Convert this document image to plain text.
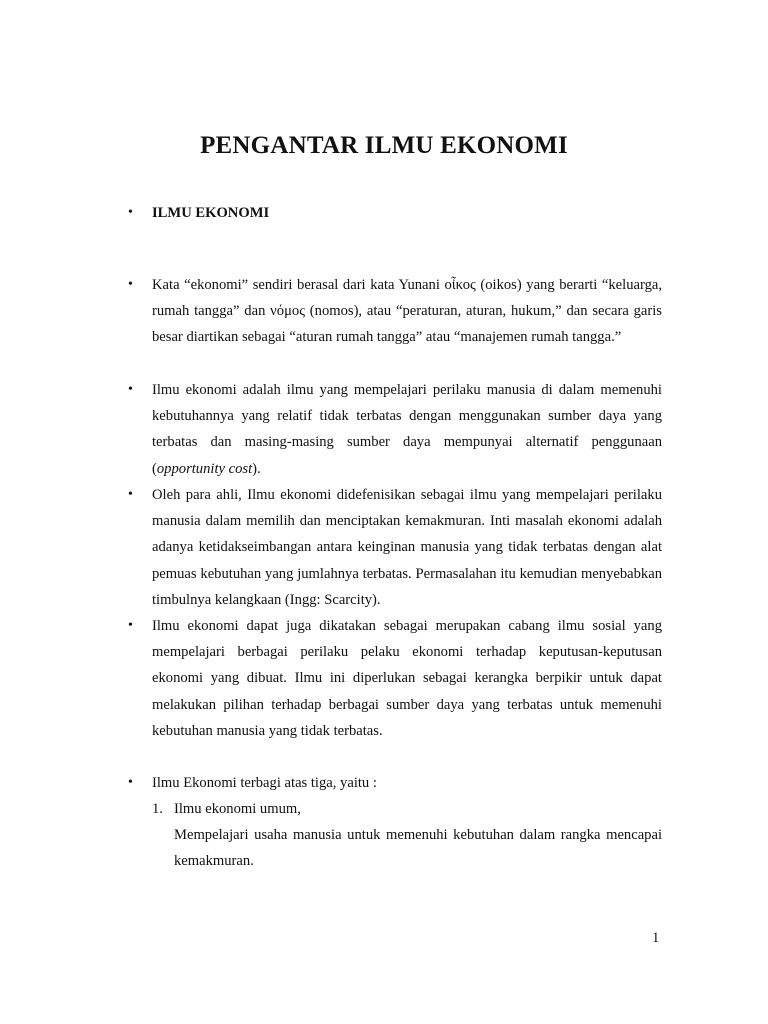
PENGANTAR ILMU EKONOMI
• ILMU EKONOMI

• Kata “ekonomi” sendiri berasal dari kata Yunani οἶκος (oikos) yang berarti “keluarga, rumah tangga” dan νόμος (nomos), atau “peraturan, aturan, hukum,” dan secara garis besar diartikan sebagai “aturan rumah tangga” atau “manajemen rumah tangga.”

• Ilmu ekonomi adalah ilmu yang mempelajari perilaku manusia di dalam memenuhi kebutuhannya yang relatif tidak terbatas dengan menggunakan sumber daya yang terbatas dan masing-masing sumber daya mempunyai alternatif penggunaan (opportunity cost).

• Oleh para ahli, Ilmu ekonomi didefenisikan sebagai ilmu yang mempelajari perilaku manusia dalam memilih dan menciptakan kemakmuran. Inti masalah ekonomi adalah adanya ketidakseimbangan antara keinginan manusia yang tidak terbatas dengan alat pemuas kebutuhan yang jumlahnya terbatas. Permasalahan itu kemudian menyebabkan timbulnya kelangkaan (Ingg: Scarcity).

• Ilmu ekonomi dapat juga dikatakan sebagai merupakan cabang ilmu sosial yang mempelajari berbagai perilaku pelaku ekonomi terhadap keputusan-keputusan ekonomi yang dibuat. Ilmu ini diperlukan sebagai kerangka berpikir untuk dapat melakukan pilihan terhadap berbagai sumber daya yang terbatas untuk memenuhi kebutuhan manusia yang tidak terbatas.

• Ilmu Ekonomi terbagi atas tiga, yaitu :

1. Ilmu ekonomi umum,
Mempelajari usaha manusia untuk memenuhi kebutuhan dalam rangka mencapai kemakmuran.
1
